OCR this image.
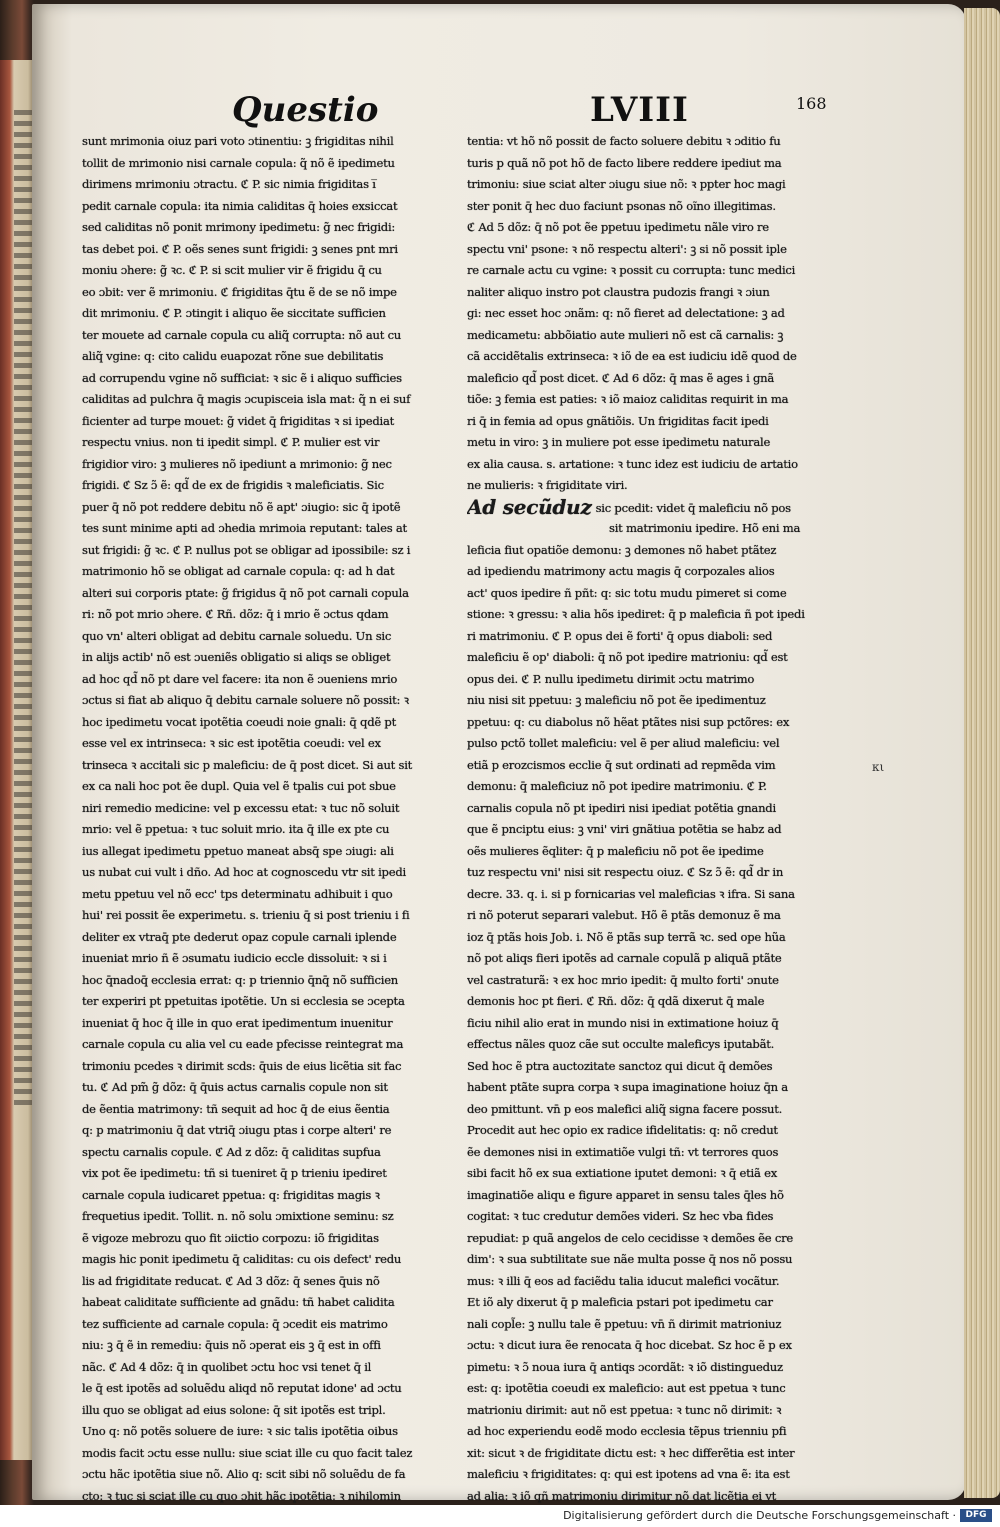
Questio	LVIII	168
sunt mrimonia oiuz pari voto ɔtinentiu: ꝫ frigiditas nihil
tollit de mrimonio nisi carnale copula: q̃ nõ ẽ ipedimetu
dirimens mrimoniu ɔtractu. ℭ P. sic nimia frigiditas i̅
pedit carnale copula: ita nimia caliditas q̄ hoies exsiccat
sed caliditas nõ ponit mrimony ipedimetu: g̃ nec frigidi:
tas debet poi. ℭ P. oẽs senes sunt frigidi: ꝫ senes pnt mri
moniu ɔhere: g̃ ꝛc. ℭ P. si scit mulier vir ẽ frigidu q̄ cu
eo ɔbit: ver ẽ mrimoniu. ℭ frigiditas q̄tu ẽ de se nõ impe
dit mrimoniu. ℭ P. ɔtingit i aliquo ẽe siccitate sufficien
ter mouete ad carnale copula cu aliq̃ corrupta: nõ aut cu
aliq̃ vgine: q: cito calidu euapozat rõne sue debilitatis
ad corrupendu vgine nõ sufficiat: ꝛ sic ẽ i aliquo sufficies
caliditas ad pulchra q̄ magis ɔcupisceia isla mat: q̃ n ei suf
ficienter ad turpe mouet: g̃ videt q̄ frigiditas ꝛ si ipediat
respectu vnius. non ti ipedit simpl. ℭ P. mulier est vir
frigidior viro: ꝫ mulieres nõ ipediunt a mrimonio: g̃ nec
frigidi. ℭ Sz ɔ̃ ẽ: qd̃ de ex de frigidis ꝛ maleficiatis. Sic
puer q̄ nõ pot reddere debitu nõ ẽ apt' ɔiugio: sic q̄ ipotẽ
tes sunt minime apti ad ɔhedia mrimoia reputant: tales at
sut frigidi: g̃ ꝛc. ℭ P. nullus pot se obligar ad ipossibile: sz i
matrimonio hõ se obligat ad carnale copula: q: ad h dat
alteri sui corporis ptate: g̃ frigidus q̄ nõ pot carnali copula
ri: nõ pot mrio ɔhere. ℭ Rñ. dõz: q̄ i mrio ẽ ɔctus qdam
quo vn' alteri obligat ad debitu carnale soluedu. Un sic
in alijs actib' nõ est ɔueniẽs obligatio si aliqs se obliget
ad hoc qd̃ nõ pt dare vel facere: ita non ẽ ɔueniens mrio
ɔctus si fiat ab aliquo q̄ debitu carnale soluere nõ possit: ꝛ
hoc ipedimetu vocat ipotẽtia coeudi noie gnali: q̄ qdẽ pt
esse vel ex intrinseca: ꝛ sic est ipotẽtia coeudi: vel ex
trinseca ꝛ accitali sic p maleficiu: de q̄ post dicet. Si aut sit
ex ca nali hoc pot ẽe dupl. Quia vel ẽ tpalis cui pot sbue
niri remedio medicine: vel p excessu etat: ꝛ tuc nõ soluit
mrio: vel ẽ ppetua: ꝛ tuc soluit mrio. ita q̄ ille ex pte cu
ius allegat ipedimetu ppetuo maneat absq̄ spe ɔiugi: ali
us nubat cui vult i dño. Ad hoc at cognoscedu vtr sit ipedi
metu ppetuu vel nõ ecc' tps determinatu adhibuit i quo
hui' rei possit ẽe experimetu. s. trieniu q̄ si post trieniu i fi
deliter ex vtraq̄ pte dederut opaz copule carnali iplende
inueniat mrio ñ ẽ ɔsumatu iudicio eccle dissoluit: ꝛ si i
hoc q̄nadoq̄ ecclesia errat: q: p triennio q̄nq̄ nõ sufficien
ter experiri pt ppetuitas ipotẽtie. Un si ecclesia se ɔcepta
inueniat q̄ hoc q̄ ille in quo erat ipedimentum inuenitur
carnale copula cu alia vel cu eade pfecisse reintegrat ma
trimoniu pcedes ꝛ dirimit scds: q̄uis de eius licẽtia sit fac
tu. ℭ Ad pm̃ g̃ dõz: q̄ q̄uis actus carnalis copule non sit
de ẽentia matrimony: tñ sequit ad hoc q̄ de eius ẽentia
q: p matrimoniu q̄ dat vtriq̄ ɔiugu ptas i corpe alteri' re
spectu carnalis copule. ℭ Ad z dõz: q̄ caliditas supfua
vix pot ẽe ipedimetu: tñ si tueniret q̄ p trieniu ipediret
carnale copula iudicaret ppetua: q: frigiditas magis ꝛ
frequetius ipedit. Tollit. n. nõ solu ɔmixtione seminu: sz
ẽ vigoze mebrozu quo fit ɔiictio corpozu: iõ frigiditas
magis hic ponit ipedimetu q̄ caliditas: cu ois defect' redu
lis ad frigiditate reducat. ℭ Ad 3 dõz: q̄ senes q̄uis nõ
habeat caliditate sufficiente ad gnãdu: tñ habet calidita
tez sufficiente ad carnale copula: q̄ ɔcedit eis matrimo
niu: ꝫ q̄ ẽ in remediu: q̄uis nõ ɔperat eis ꝫ q̄ est in offi
nãc. ℭ Ad 4 dõz: q̄ in quolibet ɔctu hoc vsi tenet q̄ il
le q̄ est ipotẽs ad soluẽdu aliqd nõ reputat idone' ad ɔctu
illu quo se obligat ad eius solone: q̄ sit ipotẽs est tripl.
Uno q: nõ potẽs soluere de iure: ꝛ sic talis ipotẽtia oibus
modis facit ɔctu esse nullu: siue sciat ille cu quo facit talez
ɔctu hãc ipotẽtia siue nõ. Alio q: scit sibi nõ soluẽdu de fa
cto: ꝛ tuc si sciat ille cu quo ɔhit hãc ipotẽtia: ꝛ nihilomin
tentia: vt hõ nõ possit de facto soluere debitu ꝛ ɔditio fu
turis p quã nõ pot hõ de facto libere reddere ipediut ma
trimoniu: siue sciat alter ɔiugu siue nõ: ꝛ ppter hoc magi
ster ponit q̄ hec duo faciunt psonas nõ oĩno illegitimas.
ℭ Ad 5 dõz: q̄ nõ pot ẽe ppetuu ipedimetu nãle viro re
spectu vni' psone: ꝛ nõ respectu alteri': ꝫ si nõ possit iple
re carnale actu cu vgine: ꝛ possit cu corrupta: tunc medici
naliter aliquo instro pot claustra pudozis frangi ꝛ ɔiun
gi: nec esset hoc ɔnãm: q: nõ fieret ad delectatione: ꝫ ad
medicametu: abbõiatio aute mulieri nõ est cã carnalis: ꝫ
cã accidẽtalis extrinseca: ꝛ iõ de ea est iudiciu idẽ quod de
maleficio qd̃ post dicet. ℭ Ad 6 dõz: q̄ mas ẽ ages i gnã
tiõe: ꝫ femia est paties: ꝛ iõ maioz caliditas requirit in ma
ri q̄ in femia ad opus gnãtiõis. Un frigiditas facit ipedi
metu in viro: ꝫ in muliere pot esse ipedimetu naturale
ex alia causa. s. artatione: ꝛ tunc idez est iudiciu de artatio
ne mulieris: ꝛ frigiditate viri.
Ad secũduz sic pcedit: videt q̄ maleficiu nõ pos
sit matrimoniu ipedire. Hõ eni ma
leficia fiut opatiõe demonu: ꝫ demones nõ habet ptãtez
ad ipediendu matrimony actu magis q̄ corpozales alios
act' quos ipedire ñ pñt: q: sic totu mudu pimeret si come
stione: ꝛ gressu: ꝛ alia hõs ipediret: q̄ p maleficia ñ pot ipedi
ri matrimoniu. ℭ P. opus dei ẽ forti' q̄ opus diaboli: sed
maleficiu ẽ op' diaboli: q̄ nõ pot ipedire matrioniu: qd̃ est
opus dei. ℭ P. nullu ipedimetu dirimit ɔctu matrimo
niu nisi sit ppetuu: ꝫ maleficiu nõ pot ẽe ipedimentuz
ppetuu: q: cu diabolus nõ hẽat ptãtes nisi sup pctõres: ex
pulso pctõ tollet maleficiu: vel ẽ per aliud maleficiu: vel
etiã p erozcismos ecclie q̄ sut ordinati ad repmẽda vim
demonu: q̄ maleficiuz nõ pot ipedire matrimoniu. ℭ P.
carnalis copula nõ pt ipediri nisi ipediat potẽtia gnandi
que ẽ pnciptu eius: ꝫ vni' viri gnãtiua potẽtia se habz ad
oẽs mulieres ẽqliter: q̄ p maleficiu nõ pot ẽe ipedime
tuz respectu vni' nisi sit respectu oiuz. ℭ Sz ɔ̃ ẽ: qd̃ dr in
decre. 33. q. i. si p fornicarias vel maleficias ꝛ ifra. Si sana
ri nõ poterut separari valebut. Hõ ẽ ptãs demonuz ẽ ma
ioz q̄ ptãs hois Job. i. Nõ ẽ ptãs sup terrã ꝛc. sed ope hũa
nõ pot aliqs fieri ipotẽs ad carnale copulã p aliquã ptãte
vel castraturã: ꝛ ex hoc mrio ipedit: q̄ multo forti' ɔnute
demonis hoc pt fieri. ℭ Rñ. dõz: q̄ qdã dixerut q̄ male
ficiu nihil alio erat in mundo nisi in extimatione hoiuz q̄
effectus nãles quoz cãe sut occulte maleficys iputabãt.
Sed hoc ẽ ptra auctozitate sanctoz qui dicut q̄ demões
habent ptãte supra corpa ꝛ supa imaginatione hoiuz q̄n a
deo pmittunt. vn̄ p eos malefici aliq̃ signa facere possut.
Procedit aut hec opio ex radice ifidelitatis: q: nõ credut
ẽe demones nisi in extimatiõe vulgi tñ: vt terrores quos
sibi facit hõ ex sua extiatione iputet demoni: ꝛ q̄ etiã ex
imaginatiõe aliqu e figure apparet in sensu tales q̄les hõ
cogitat: ꝛ tuc credutur demões videri. Sz hec vba fides
repudiat: p quã angelos de celo cecidisse ꝛ demões ẽe cre
dim': ꝛ sua subtilitate sue nãe multa posse q̄ nos nõ possu
mus: ꝛ illi q̄ eos ad faciẽdu talia iducut malefici vocãtur.
Et iõ aly dixerut q̄ p maleficia pstari pot ipedimetu car
nali copl̃e: ꝫ nullu tale ẽ ppetuu: vn̄ ñ dirimit matrioniuz
ɔctu: ꝛ dicut iura ẽe renocata q̄ hoc dicebat. Sz hoc ẽ p ex
pimetu: ꝛ ɔ̃ noua iura q̄ antiqs ɔcordãt: ꝛ iõ distingueduz
est: q: ipotẽtia coeudi ex maleficio: aut est ppetua ꝛ tunc
matrioniu dirimit: aut nõ est ppetua: ꝛ tunc nõ dirimit: ꝛ
ad hoc experiendu eodẽ modo ecclesia tẽpus trienniu pfi
xit: sicut ꝛ de frigiditate dictu est: ꝛ hec differẽtia est inter
maleficiu ꝛ frigiditates: q: qui est ipotens ad vna ẽ: ita est
ad alia: ꝛ iõ qñ matrimoniu dirimitur nõ dat licẽtia ei vt
κι
Digitalisierung gefördert durch die Deutsche Forschungsgemeinschaft ·	DFG
